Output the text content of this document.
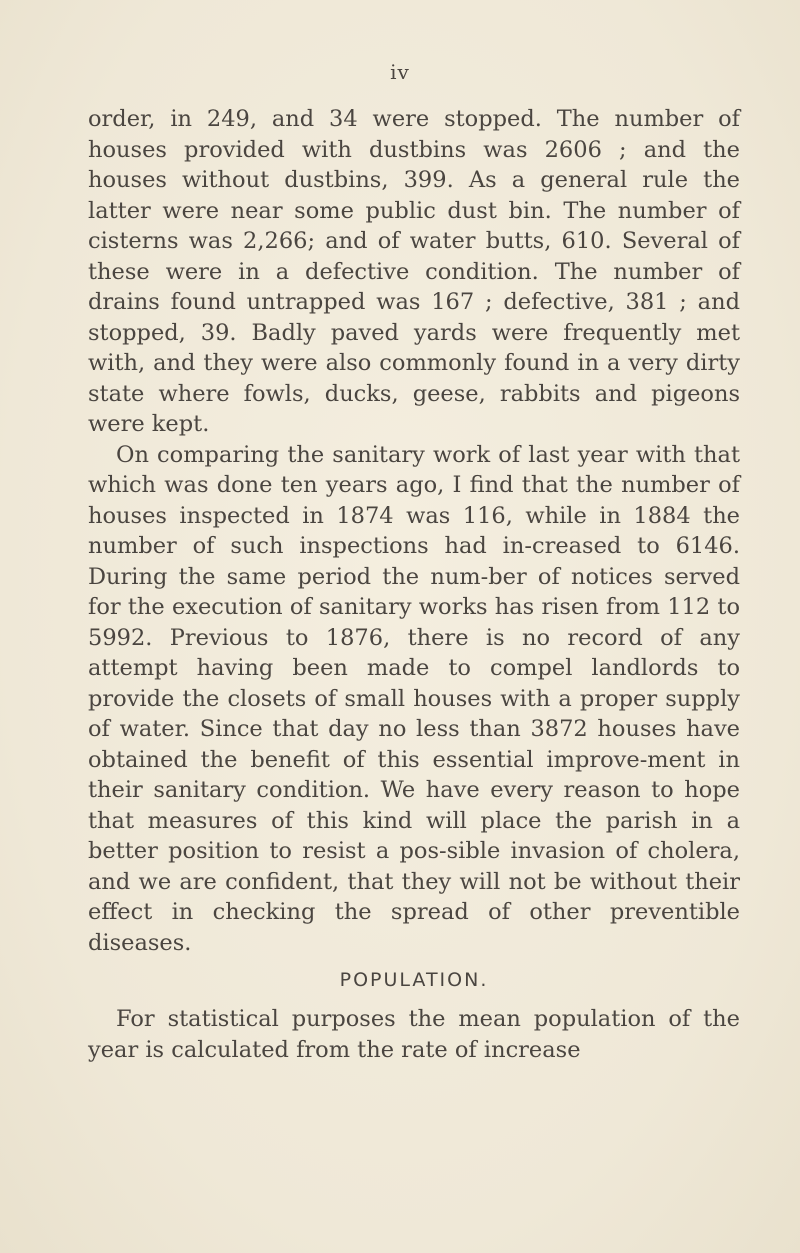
iv

order, in 249, and 34 were stopped. The number of houses provided with dustbins was 2606 ; and the houses without dustbins, 399. As a general rule the latter were near some public dust bin. The number of cisterns was 2,266; and of water butts, 610. Several of these were in a defective condition. The number of drains found untrapped was 167 ; defective, 381 ; and stopped, 39. Badly paved yards were frequently met with, and they were also commonly found in a very dirty state where fowls, ducks, geese, rabbits and pigeons were kept.

On comparing the sanitary work of last year with that which was done ten years ago, I find that the number of houses inspected in 1874 was 116, while in 1884 the number of such inspections had in-creased to 6146. During the same period the num-ber of notices served for the execution of sanitary works has risen from 112 to 5992. Previous to 1876, there is no record of any attempt having been made to compel landlords to provide the closets of small houses with a proper supply of water. Since that day no less than 3872 houses have obtained the benefit of this essential improve-ment in their sanitary condition. We have every reason to hope that measures of this kind will place the parish in a better position to resist a pos-sible invasion of cholera, and we are confident, that they will not be without their effect in checking the spread of other preventible diseases.

POPULATION.

For statistical purposes the mean population of the year is calculated from the rate of increase
